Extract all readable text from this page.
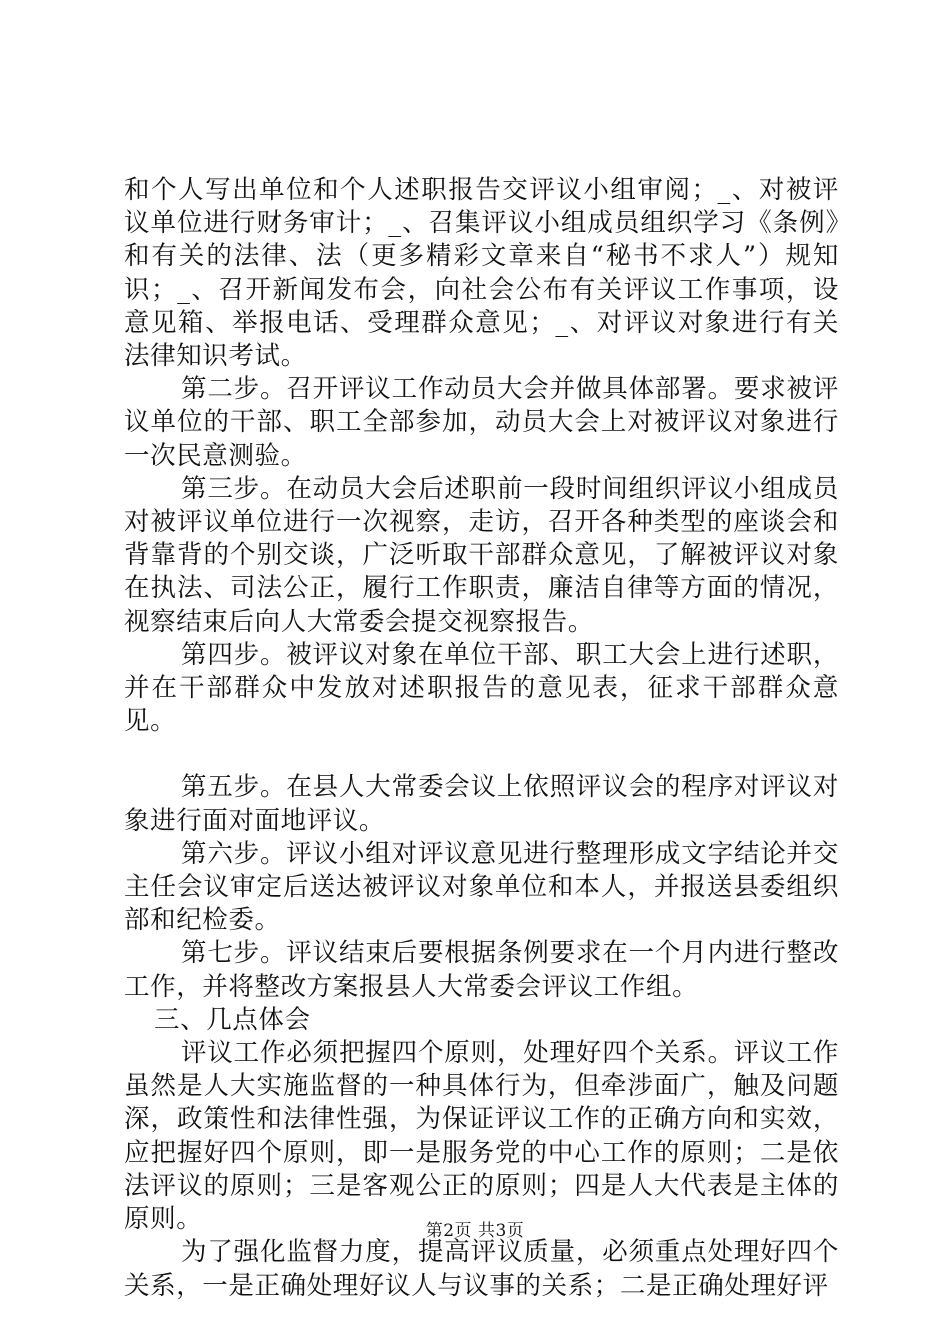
和个人写出单位和个人述职报告交评议小组审阅；_、对被评议单位进行财务审计；_、召集评议小组成员组织学习《条例》和有关的法律、法（更多精彩文章来自“秘书不求人”）规知识；_、召开新闻发布会，向社会公布有关评议工作事项，设意见箱、举报电话、受理群众意见；_、对评议对象进行有关法律知识考试。

第二步。召开评议工作动员大会并做具体部署。要求被评议单位的干部、职工全部参加，动员大会上对被评议对象进行一次民意测验。

第三步。在动员大会后述职前一段时间组织评议小组成员对被评议单位进行一次视察，走访，召开各种类型的座谈会和背靠背的个别交谈，广泛听取干部群众意见，了解被评议对象在执法、司法公正，履行工作职责，廉洁自律等方面的情况，视察结束后向人大常委会提交视察报告。

第四步。被评议对象在单位干部、职工大会上进行述职，并在干部群众中发放对述职报告的意见表，征求干部群众意见。

第五步。在县人大常委会议上依照评议会的程序对评议对象进行面对面地评议。

第六步。评议小组对评议意见进行整理形成文字结论并交主任会议审定后送达被评议对象单位和本人，并报送县委组织部和纪检委。

第七步。评议结束后要根据条例要求在一个月内进行整改工作，并将整改方案报县人大常委会评议工作组。

三、几点体会

评议工作必须把握四个原则，处理好四个关系。评议工作虽然是人大实施监督的一种具体行为，但牵涉面广，触及问题深，政策性和法律性强，为保证评议工作的正确方向和实效，应把握好四个原则，即一是服务党的中心工作的原则；二是依法评议的原则；三是客观公正的原则；四是人大代表是主体的原则。

为了强化监督力度，提高评议质量，必须重点处理好四个关系，一是正确处理好议人与议事的关系；二是正确处理好评

第2页 共3页
